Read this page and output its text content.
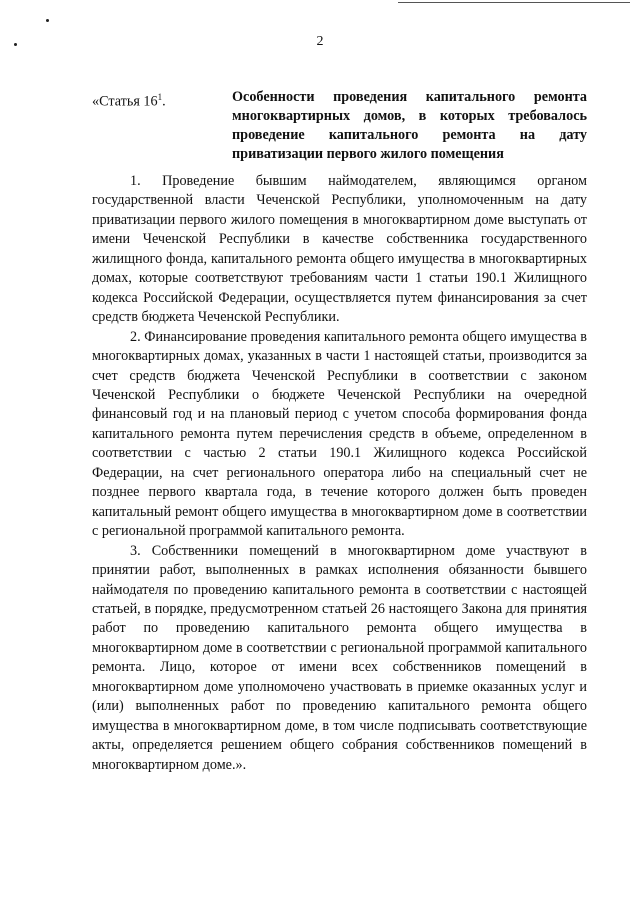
2
«Статья $16^1$.	Особенности проведения капитального ремонта многоквартирных домов, в которых требовалось проведение капитального ремонта на дату приватизации первого жилого помещения

1. Проведение бывшим наймодателем, являющимся органом государственной власти Чеченской Республики, уполномоченным на дату приватизации первого жилого помещения в многоквартирном доме выступать от имени Чеченской Республики в качестве собственника государственного жилищного фонда, капитального ремонта общего имущества в многоквартирных домах, которые соответствуют требованиям части 1 статьи 190.1 Жилищного кодекса Российской Федерации, осуществляется путем финансирования за счет средств бюджета Чеченской Республики.

2. Финансирование проведения капитального ремонта общего имущества в многоквартирных домах, указанных в части 1 настоящей статьи, производится за счет средств бюджета Чеченской Республики в соответствии с законом Чеченской Республики о бюджете Чеченской Республики на очередной финансовый год и на плановый период с учетом способа формирования фонда капитального ремонта путем перечисления средств в объеме, определенном в соответствии с частью 2 статьи 190.1 Жилищного кодекса Российской Федерации, на счет регионального оператора либо на специальный счет не позднее первого квартала года, в течение которого должен быть проведен капитальный ремонт общего имущества в многоквартирном доме в соответствии с региональной программой капитального ремонта.

3. Собственники помещений в многоквартирном доме участвуют в принятии работ, выполненных в рамках исполнения обязанности бывшего наймодателя по проведению капитального ремонта в соответствии с настоящей статьей, в порядке, предусмотренном статьей 26 настоящего Закона для принятия работ по проведению капитального ремонта общего имущества в многоквартирном доме в соответствии с региональной программой капитального ремонта. Лицо, которое от имени всех собственников помещений в многоквартирном доме уполномочено участвовать в приемке оказанных услуг и (или) выполненных работ по проведению капитального ремонта общего имущества в многоквартирном доме, в том числе подписывать соответствующие акты, определяется решением общего собрания собственников помещений в многоквартирном доме.».
